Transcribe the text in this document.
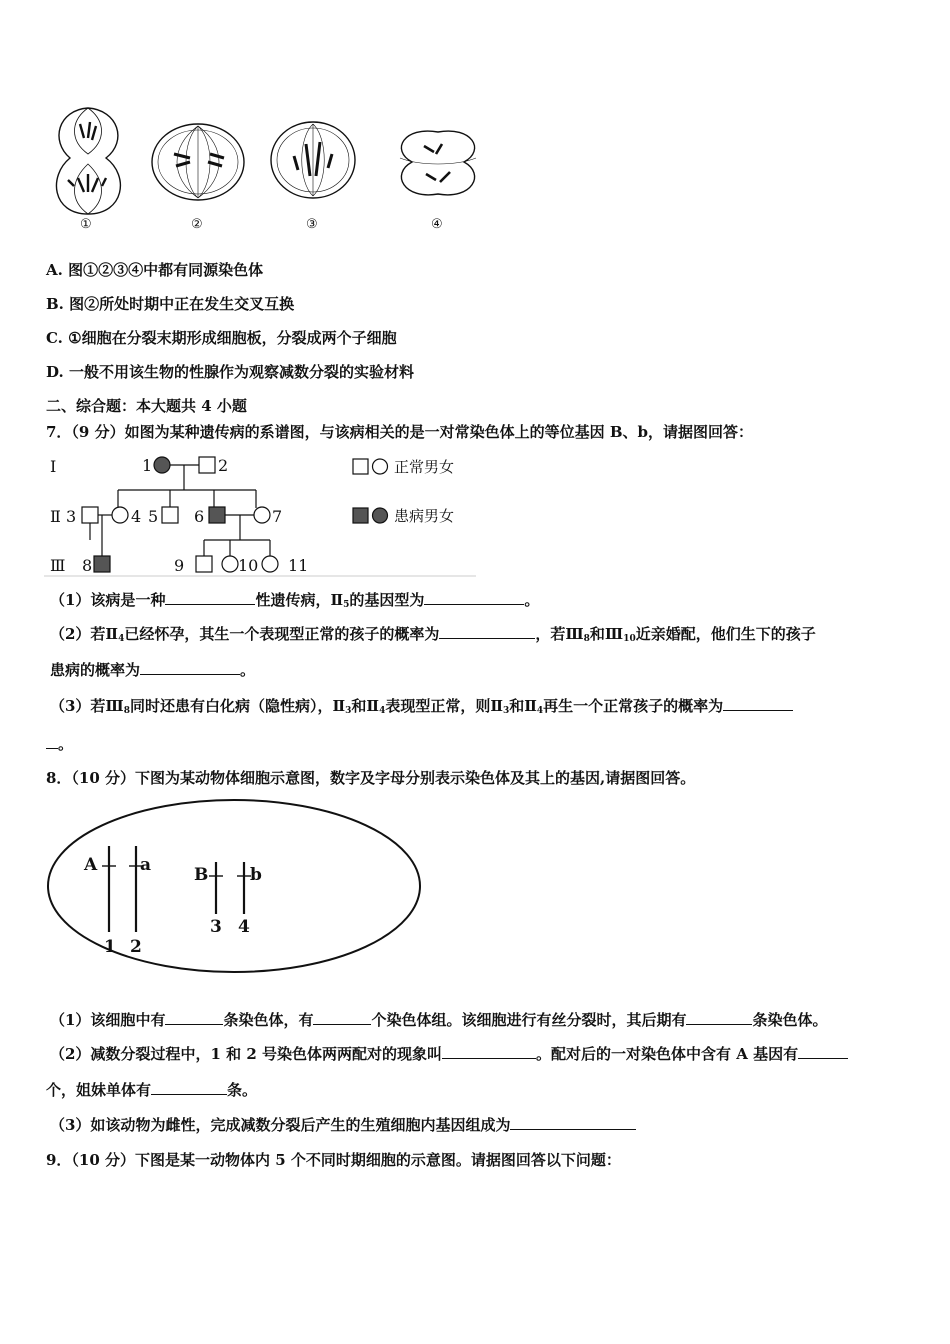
①	②	③	④
A. 图①②③④中都有同源染色体
B. 图②所处时期中正在发生交叉互换
C. ①细胞在分裂末期形成细胞板，分裂成两个子细胞
D. 一般不用该生物的性腺作为观察减数分裂的实验材料
二、综合题：本大题共 4 小题
7．（9 分）如图为某种遗传病的系谱图，与该病相关的是一对常染色体上的等位基因 B、b，请据图回答：
Ⅰ
Ⅱ
Ⅲ
1	2
3	4 5 6	7
8	9	10 11
正常男女
患病男女
（1）该病是一种	性遗传病，$Ⅱ_5$的基因型为	。
（2）若$Ⅱ_4$已经怀孕，其生一个表现型正常的孩子的概率为	，若$Ⅲ_8$和$Ⅲ_{10}$近亲婚配，他们生下的孩子
患病的概率为	。
（3）若$Ⅲ_8$同时还患有白化病（隐性病），$Ⅱ_3$和$Ⅱ_4$表现型正常，则$Ⅱ_3$和$Ⅱ_4$再生一个正常孩子的概率为
。
8．（10 分）下图为某动物体细胞示意图，数字及字母分别表示染色体及其上的基因,请据图回答。
A	a	B b
1 2
3 4
（1）该细胞中有	条染色体，有	个染色体组。该细胞进行有丝分裂时，其后期有	条染色体。
（2）减数分裂过程中，1 和 2 号染色体两两配对的现象叫	。配对后的一对染色体中含有 A 基因有
个，姐妹单体有	条。
（3）如该动物为雌性，完成减数分裂后产生的生殖细胞内基因组成为
9．（10 分）下图是某一动物体内 5 个不同时期细胞的示意图。请据图回答以下问题：
